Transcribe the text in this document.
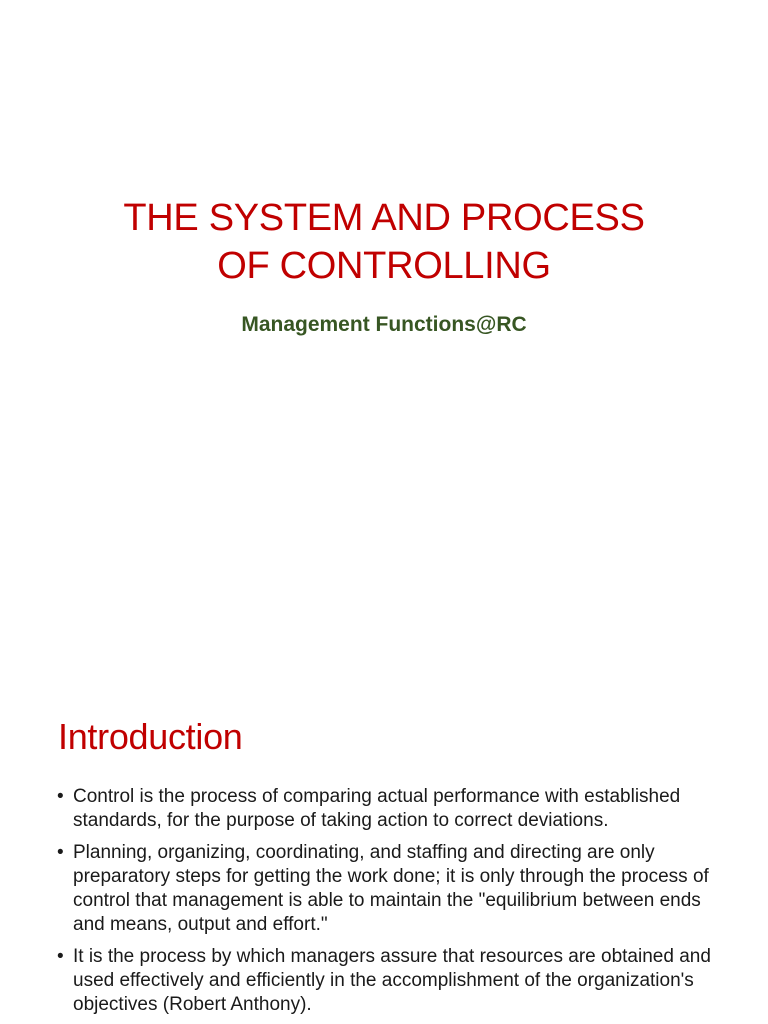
THE SYSTEM AND PROCESS
OF CONTROLLING
Management Functions@RC
Introduction
• Control is the process of comparing actual performance with established standards, for the purpose of taking action to correct deviations.
• Planning, organizing, coordinating, and staffing and directing are only preparatory steps for getting the work done; it is only through the process of control that management is able to maintain the "equilibrium between ends and means, output and effort."
• It is the process by which managers assure that resources are obtained and used effectively and efficiently in the accomplishment of the organization's objectives (Robert Anthony).
